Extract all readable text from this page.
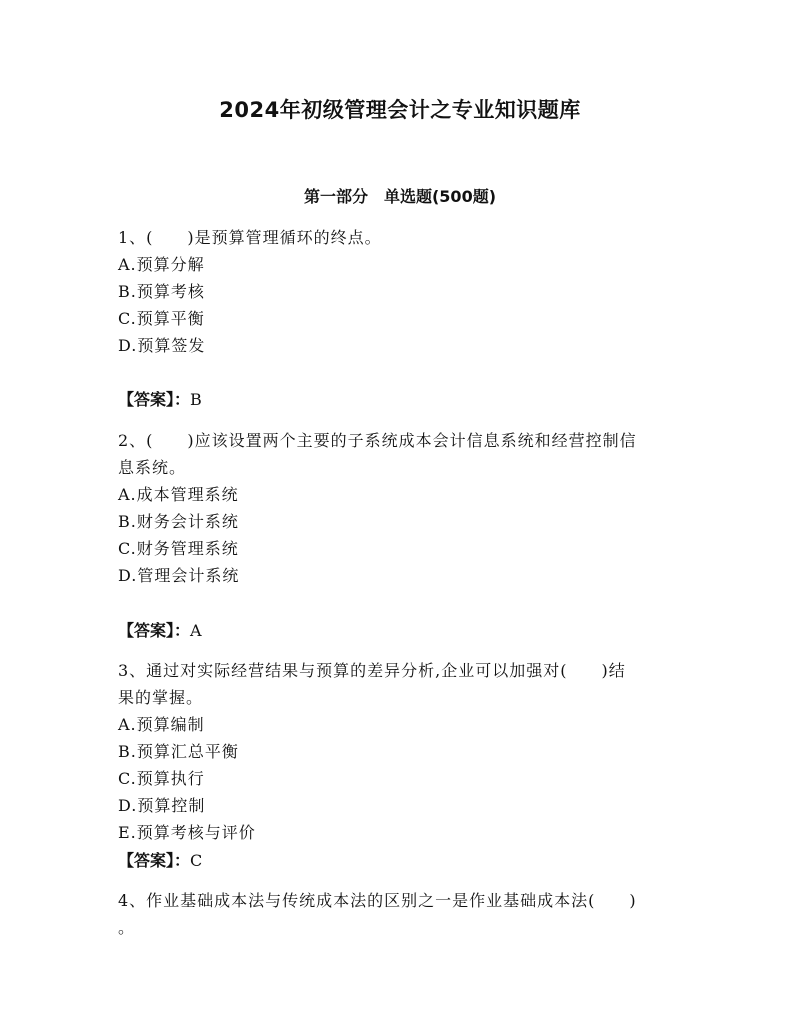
2024年初级管理会计之专业知识题库
第一部分　单选题(500题)
1、(　　)是预算管理循环的终点。
A.预算分解
B.预算考核
C.预算平衡
D.预算签发
【答案】：B
2、(　　)应该设置两个主要的子系统成本会计信息系统和经营控制信
息系统。
A.成本管理系统
B.财务会计系统
C.财务管理系统
D.管理会计系统
【答案】：A
3、通过对实际经营结果与预算的差异分析,企业可以加强对(　　)结
果的掌握。
A.预算编制
B.预算汇总平衡
C.预算执行
D.预算控制
E.预算考核与评价
【答案】：C
4、作业基础成本法与传统成本法的区别之一是作业基础成本法(　　)
。
